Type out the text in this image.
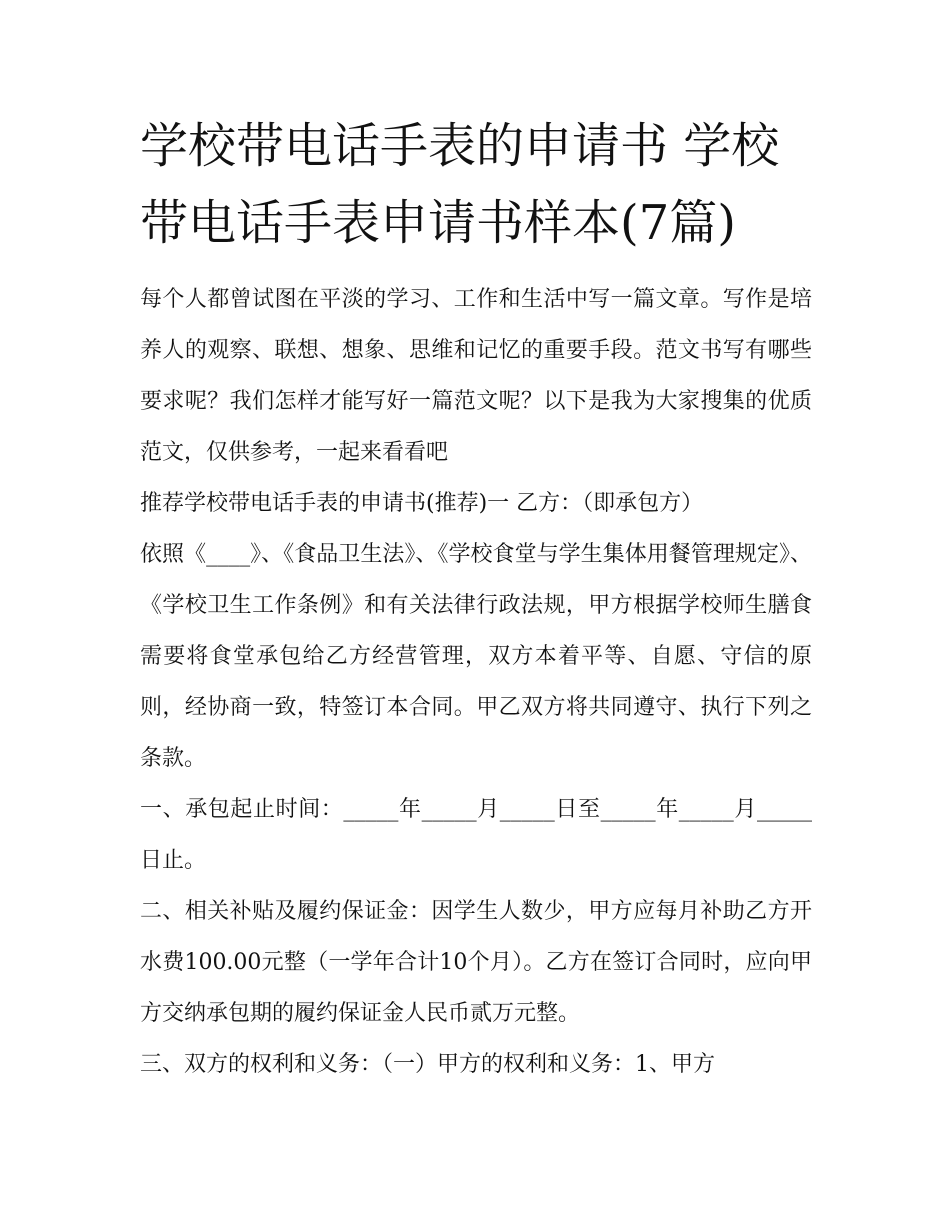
学校带电话手表的申请书 学校带电话手表申请书样本(7篇)

每个人都曾试图在平淡的学习、工作和生活中写一篇文章。写作是培养人的观察、联想、想象、思维和记忆的重要手段。范文书写有哪些要求呢？我们怎样才能写好一篇范文呢？以下是我为大家搜集的优质范文，仅供参考，一起来看看吧

推荐学校带电话手表的申请书(推荐)一 乙方：（即承包方）

依照《____》、《食品卫生法》、《学校食堂与学生集体用餐管理规定》、《学校卫生工作条例》和有关法律行政法规，甲方根据学校师生膳食需要将食堂承包给乙方经营管理，双方本着平等、自愿、守信的原则，经协商一致，特签订本合同。甲乙双方将共同遵守、执行下列之条款。

一、承包起止时间：_____年_____月_____日至_____年_____月_____日止。

二、相关补贴及履约保证金：因学生人数少，甲方应每月补助乙方开水费100.00元整（一学年合计10个月）。乙方在签订合同时，应向甲方交纳承包期的履约保证金人民币贰万元整。

三、双方的权利和义务：（一）甲方的权利和义务：1、甲方
